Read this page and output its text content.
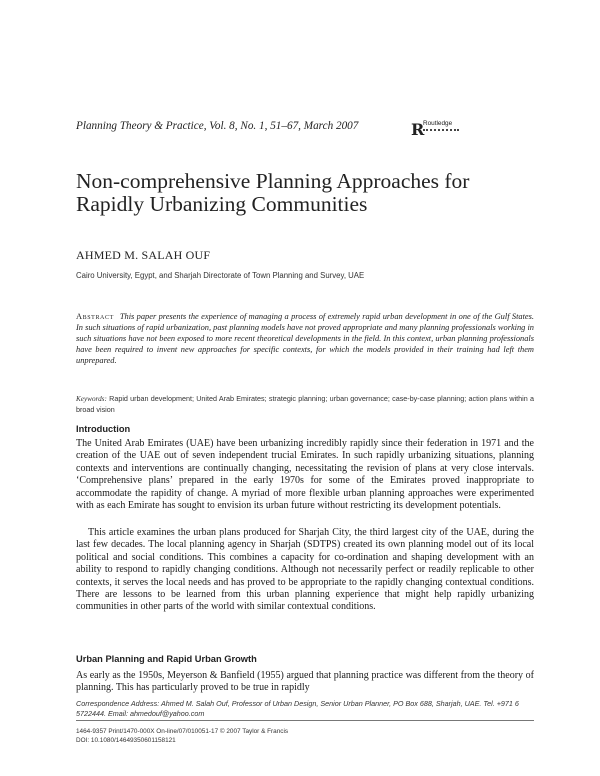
Planning Theory & Practice, Vol. 8, No. 1, 51–67, March 2007	R
Routledge
Non-comprehensive Planning Approaches for Rapidly Urbanizing Communities
AHMED M. SALAH OUF
Cairo University, Egypt, and Sharjah Directorate of Town Planning and Survey, UAE
Abstract This paper presents the experience of managing a process of extremely rapid urban development in one of the Gulf States. In such situations of rapid urbanization, past planning models have not proved appropriate and many planning professionals working in such situations have not been exposed to more recent theoretical developments in the field. In this context, urban planning professionals have been required to invent new approaches for specific contexts, for which the models provided in their training had left them unprepared.
Keywords: Rapid urban development; United Arab Emirates; strategic planning; urban governance; case-by-case planning; action plans within a broad vision
Introduction
The United Arab Emirates (UAE) have been urbanizing incredibly rapidly since their federation in 1971 and the creation of the UAE out of seven independent trucial Emirates. In such rapidly urbanizing situations, planning contexts and interventions are continually changing, necessitating the revision of plans at very close intervals. ‘Comprehensive plans’ prepared in the early 1970s for some of the Emirates proved inappropriate to accommodate the rapidity of change. A myriad of more flexible urban planning approaches were experimented with as each Emirate has sought to envision its urban future without restricting its development potentials.
This article examines the urban plans produced for Sharjah City, the third largest city of the UAE, during the last few decades. The local planning agency in Sharjah (SDTPS) created its own planning model out of its local political and social conditions. This combines a capacity for co-ordination and shaping development with an ability to respond to rapidly changing conditions. Although not necessarily perfect or readily replicable to other contexts, it serves the local needs and has proved to be appropriate to the rapidly changing contextual conditions. There are lessons to be learned from this urban planning experience that might help rapidly urbanizing communities in other parts of the world with similar contextual conditions.
Urban Planning and Rapid Urban Growth
As early as the 1950s, Meyerson & Banfield (1955) argued that planning practice was different from the theory of planning. This has particularly proved to be true in rapidly
Correspondence Address: Ahmed M. Salah Ouf, Professor of Urban Design, Senior Urban Planner, PO Box 688, Sharjah, UAE. Tel. +971 6 5722444. Email: ahmedouf@yahoo.com
1464-9357 Print/1470-000X On-line/07/010051-17 © 2007 Taylor & Francis
DOI: 10.1080/14649350601158121
